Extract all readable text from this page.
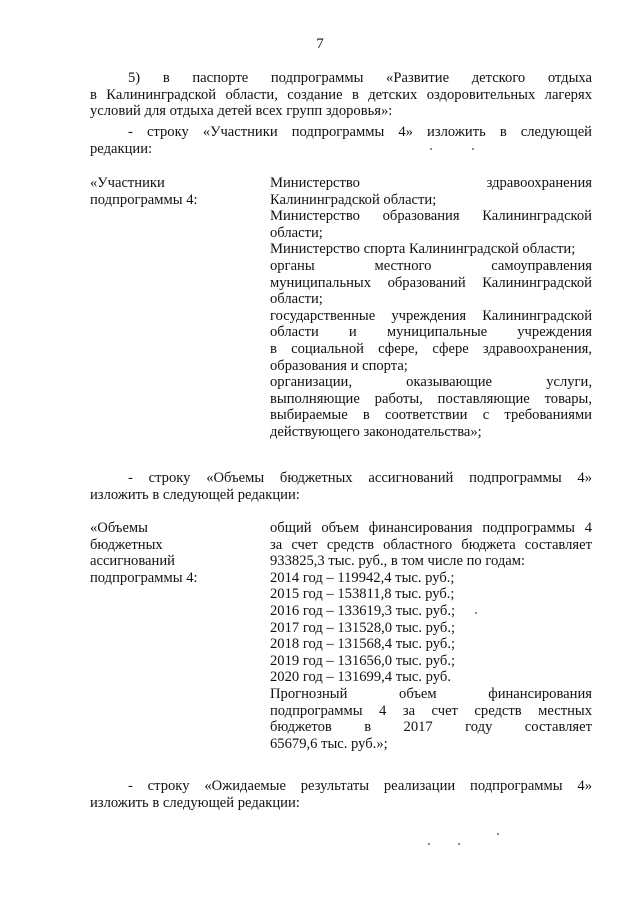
7
5) в паспорте подпрограммы «Развитие детского отдыха
в Калининградской области, создание в детских оздоровительных лагерях
условий для отдыха детей всех групп здоровья»:
- строку «Участники подпрограммы 4» изложить в следующей
редакции:
«Участники
подпрограммы 4:
Министерство здравоохранения
Калининградской области;
Министерство образования Калининградской
области;
Министерство спорта Калининградской области;
органы местного самоуправления
муниципальных образований Калининградской
области;
государственные учреждения Калининградской
области и муниципальные учреждения
в социальной сфере, сфере здравоохранения,
образования и спорта;
организации, оказывающие услуги,
выполняющие работы, поставляющие товары,
выбираемые в соответствии с требованиями
действующего законодательства»;
- строку «Объемы бюджетных ассигнований подпрограммы 4»
изложить в следующей редакции:
«Объемы
бюджетных
ассигнований
подпрограммы 4:
общий объем финансирования подпрограммы 4
за счет средств областного бюджета составляет
933825,3 тыс. руб., в том числе по годам:
2014 год – 119942,4 тыс. руб.;
2015 год – 153811,8 тыс. руб.;
2016 год – 133619,3 тыс. руб.;
2017 год – 131528,0 тыс. руб.;
2018 год – 131568,4 тыс. руб.;
2019 год – 131656,0 тыс. руб.;
2020 год – 131699,4 тыс. руб.
Прогнозный объем финансирования
подпрограммы 4 за счет средств местных
бюджетов в 2017 году составляет
65679,6 тыс. руб.»;
- строку «Ожидаемые результаты реализации подпрограммы 4»
изложить в следующей редакции:
